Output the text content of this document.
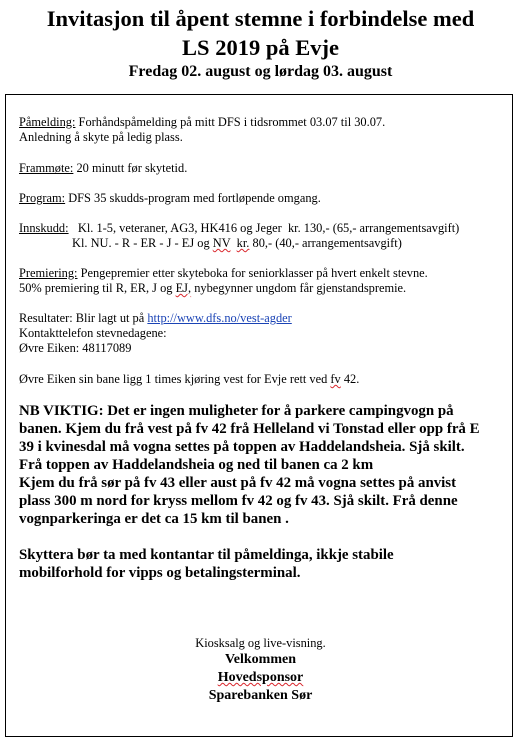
Invitasjon til åpent stemne i forbindelse med
LS 2019 på Evje
Fredag 02. august og lørdag 03. august
Påmelding: Forhåndspåmelding på mitt DFS i tidsrommet 03.07 til 30.07.
Anledning å skyte på ledig plass.
Frammøte: 20 minutt før skytetid.
Program: DFS 35 skudds-program med fortløpende omgang.
Innskudd:   Kl. 1-5, veteraner, AG3, HK416 og Jeger  kr. 130,- (65,- arrangementsavgift)
Kl. NU. - R - ER - J - EJ og NV kr. 80,- (40,- arrangementsavgift)
Premiering: Pengepremier etter skyteboka for seniorklasser på hvert enkelt stevne.
50% premiering til R, ER, J og EJ, nybegynner ungdom får gjenstandspremie.
Resultater: Blir lagt ut på http://www.dfs.no/vest-agder
Kontakttelefon stevnedagene:
Øvre Eiken: 48117089
Øvre Eiken sin bane ligg 1 times kjøring vest for Evje rett ved fv 42.
NB VIKTIG: Det er ingen muligheter for å parkere campingvogn på
banen. Kjem du frå vest på fv 42 frå Helleland vi Tonstad eller opp frå E
39 i kvinesdal må vogna settes på toppen av Haddelandsheia. Sjå skilt.
Frå toppen av Haddelandsheia og ned til banen ca 2 km
Kjem du frå sør på fv 43 eller aust på fv 42 må vogna settes på anvist
plass 300 m nord for kryss mellom fv 42 og fv 43. Sjå skilt. Frå denne
vognparkeringa er det ca 15 km til banen .
Skyttera bør ta med kontantar til påmeldinga, ikkje stabile
mobilforhold for vipps og betalingsterminal.
Kiosksalg og live-visning.
Velkommen
Hovedsponsor
Sparebanken Sør
